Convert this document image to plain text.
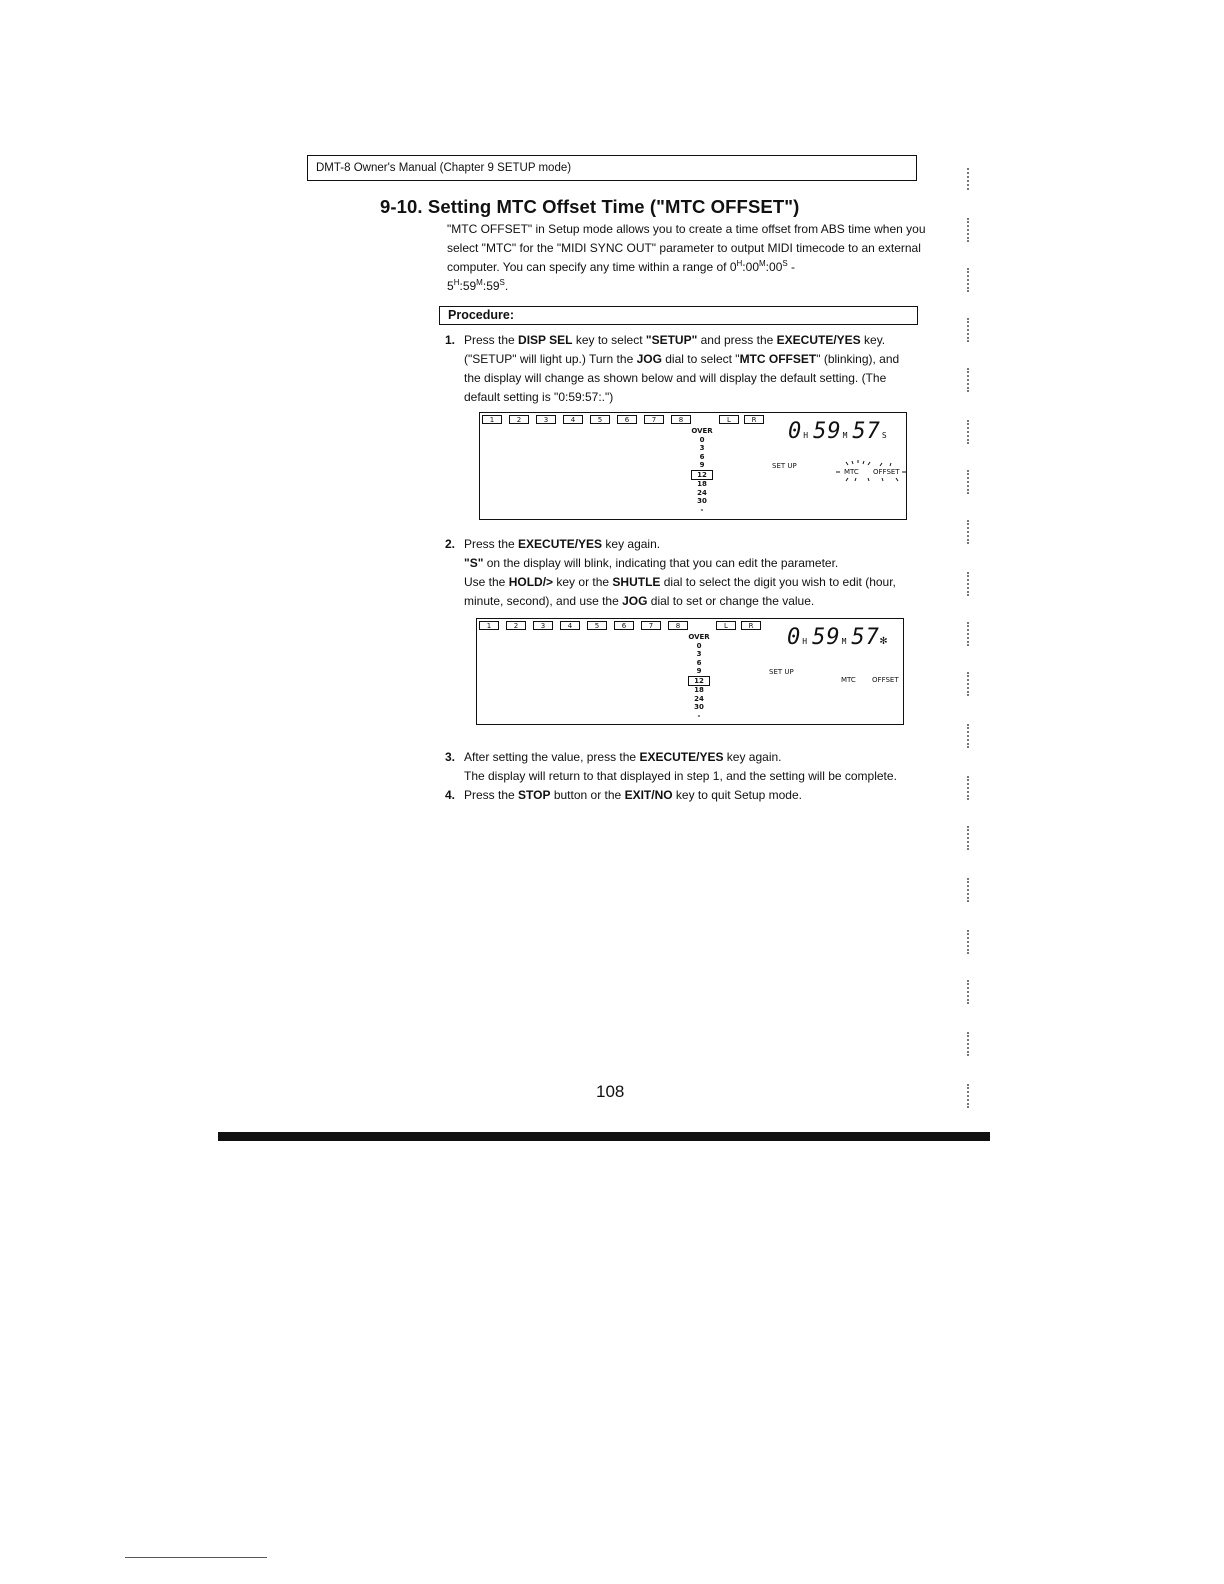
DMT-8 Owner's Manual (Chapter 9 SETUP mode)
9-10. Setting MTC Offset Time ("MTC OFFSET")
"MTC OFFSET" in Setup mode allows you to create a time offset from ABS time when you select "MTC" for the "MIDI SYNC OUT" parameter to output MIDI timecode to an external computer. You can specify any time within a range of $0^H:00^M:00^S$ -
$5^H:59^M:59^S$.
Procedure:
1. Press the DISP SEL key to select "SETUP" and press the EXECUTE/YES key. ("SETUP" will light up.) Turn the JOG dial to select "MTC OFFSET" (blinking), and the display will change as shown below and will display the default setting. (The default setting is "0:59:57:.")
1	2	3	4	5	6	7	8	L	R
OVER
0
3
6
9
12
18
24
30
-
0H 59M 57S
SET UP
MTC OFFSET
2. Press the EXECUTE/YES key again.
"S" on the display will blink, indicating that you can edit the parameter.
Use the HOLD/> key or the SHUTLE dial to select the digit you wish to edit (hour, minute, second), and use the JOG dial to set or change the value.
1	2	3	4	5	6	7	8	L	R
OVER
0
3
6
9
12
18
24
30
-
0H 59M 57✻
SET UP
MTC OFFSET
3. After setting the value, press the EXECUTE/YES key again.
The display will return to that displayed in step 1, and the setting will be complete.
4. Press the STOP button or the EXIT/NO key to quit Setup mode.
108
